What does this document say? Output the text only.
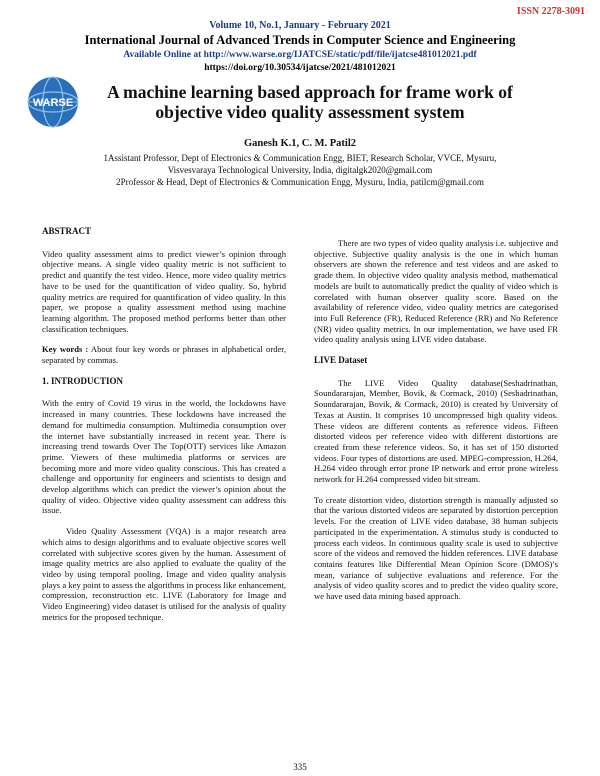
ISSN 2278-3091
Volume 10, No.1, January - February 2021
International Journal of Advanced Trends in Computer Science and Engineering
Available Online at http://www.warse.org/IJATCSE/static/pdf/file/ijatcse481012021.pdf
https://doi.org/10.30534/ijatcse/2021/481012021
WARSE
A machine learning based approach for frame work of objective video quality assessment system
Ganesh K.1, C. M. Patil2
1Assistant Professor, Dept of Electronics & Communication Engg, BIET, Research Scholar, VVCE, Mysuru,
Visvesvaraya Technological University, India, digitalgk2020@gmail.com
2Professor & Head, Dept of Electronics & Communication Engg, Mysuru, India, patilcm@gmail.com
ABSTRACT

Video quality assessment aims to predict viewer’s opinion through objective means. A single video quality metric is not sufficient to predict and quantify the test video. Hence, more video quality metrics have to be used for the quantification of video quality. So, hybrid quality metrics are required for quantification of video quality. In this paper, we propose a quality assessment method using machine learning algorithm. The proposed method performs better than other classification techniques.

Key words : About four key words or phrases in alphabetical order, separated by commas.

1. INTRODUCTION

With the entry of Covid 19 virus in the world, the lockdowns have increased in many countries. These lockdowns have increased the demand for multimedia consumption. Multimedia consumption over the internet have substantially increased in recent year. There is increasing trend towards Over The Top(OTT) services like Amazon prime. Viewers of these multimedia platforms or services are becoming more and more video quality conscious. This has created a challenge and opportunity for engineers and scientists to design and develop algorithms which can predict the viewer’s opinion about the quality of video. Objective video quality assessment can address this issue.

Video Quality Assessment (VQA) is a major research area which aims to design algorithms and to evaluate objective scores well correlated with subjective scores given by the human. Assessment of image quality metrics are also applied to evaluate the quality of the video by using temporal pooling. Image and video quality analysis plays a key point to assess the algorithms in process like enhancement, compression, reconstruction etc. LIVE (Laboratory for Image and Video Engineering) video dataset is utilised for the analysis of quality metrics for the proposed technique.

There are two types of video quality analysis i.e. subjective and objective. Subjective quality analysis is the one in which human observers are shown the reference and test videos and are asked to grade them. In objective video quality analysis method, mathematical models are built to automatically predict the quality of video which is correlated with human observer quality score. Based on the availability of reference video, video quality metrics are categorised into Full Reference (FR), Reduced Reference (RR) and No Reference (NR) video quality metrics. In our implementation, we have used FR video quality analysis using LIVE video database.

LIVE Dataset

The LIVE Video Quality database(Seshadrinathan, Soundararajan, Member, Bovik, & Cormack, 2010) (Seshadrinathan, Soundararajan, Bovik, & Cormack, 2010) is created by University of Texas at Austin. It comprises 10 uncompressed high quality videos. These videos are different contents as reference videos. Fifteen distorted videos per reference video with different distortions are created from these reference videos. So, it has set of 150 distorted videos. Four types of distortions are used. MPEG-compression, H.264, H.264 video through error prone IP network and error prone wireless network for H.264 compressed video bit stream.

To create distortion video, distortion strength is manually adjusted so that the various distorted videos are separated by distortion perception levels. For the creation of LIVE video database, 38 human subjects participated in the experimentation. A stimulus study is conducted to process each videos. In continuous quality scale is used to subjective score of the videos and removed the hidden references. LIVE database contains features like Differential Mean Opinion Score (DMOS)’s mean, variance of subjective evaluations and reference. For the analysis of video quality scores and to predict the video quality score, we have used data mining based approach.

335
